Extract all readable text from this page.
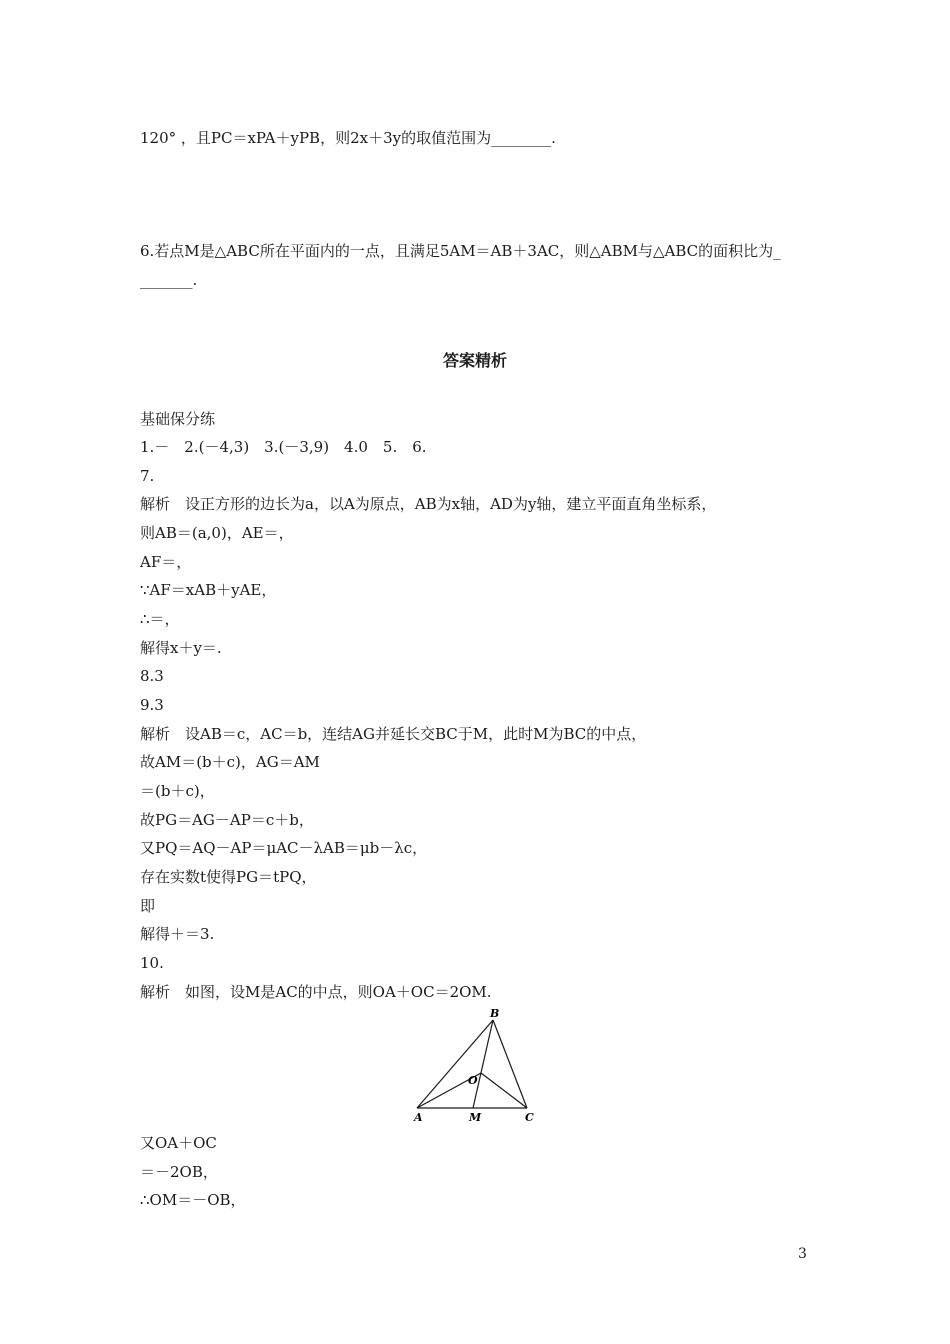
120° ，且PC＝xPA＋yPB，则2x＋3y的取值范围为________.
6.若点M是△ABC所在平面内的一点，且满足5AM＝AB＋3AC，则△ABM与△ABC的面积比为_
_______.
答案精析
基础保分练
1.－　2.(－4,3)　3.(－3,9)　4.0　5.　6.
7.
解析　设正方形的边长为a，以A为原点，AB为x轴，AD为y轴，建立平面直角坐标系，
则AB＝(a,0)，AE＝，
AF＝，
∵AF＝xAB＋yAE，
∴＝，
解得x＋y＝.
8.3
9.3
解析　设AB＝c，AC＝b，连结AG并延长交BC于M，此时M为BC的中点，
故AM＝(b＋c)，AG＝AM
＝(b＋c)，
故PG＝AG－AP＝c＋b，
又PQ＝AQ－AP＝μAC－λAB＝μb－λc，
存在实数t使得PG＝tPQ，
即
解得＋＝3.
10.
解析　如图，设M是AC的中点，则OA＋OC＝2OM.
B
O
A	M	C
又OA＋OC
＝－2OB，
∴OM＝－OB，
3
